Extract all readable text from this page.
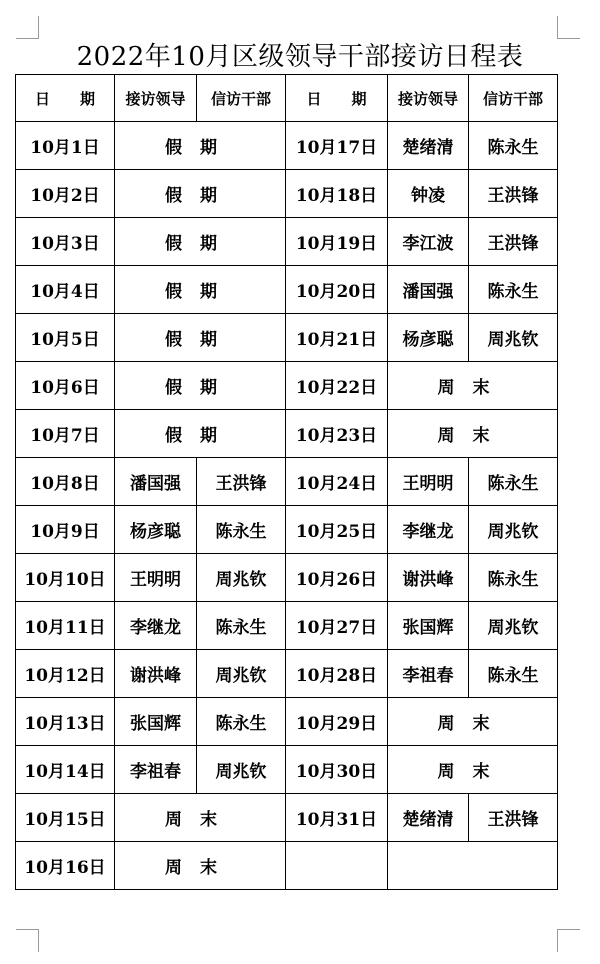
2022年10月区级领导干部接访日程表
日　　期	接访领导	信访干部	日　　期	接访领导	信访干部
10月1日	假期		10月17日	楚绪清	陈永生
10月2日	假期		10月18日	钟凌	王洪锋
10月3日	假期		10月19日	李江波	王洪锋
10月4日	假期		10月20日	潘国强	陈永生
10月5日	假期		10月21日	杨彦聪	周兆钦
10月6日	假期		10月22日	周末	
10月7日	假期		10月23日	周末	
10月8日	潘国强	王洪锋	10月24日	王明明	陈永生
10月9日	杨彦聪	陈永生	10月25日	李继龙	周兆钦
10月10日	王明明	周兆钦	10月26日	谢洪峰	陈永生
10月11日	李继龙	陈永生	10月27日	张国辉	周兆钦
10月12日	谢洪峰	周兆钦	10月28日	李祖春	陈永生
10月13日	张国辉	陈永生	10月29日	周末	
10月14日	李祖春	周兆钦	10月30日	周末	
10月15日	周末		10月31日	楚绪清	王洪锋
10月16日	周末				
